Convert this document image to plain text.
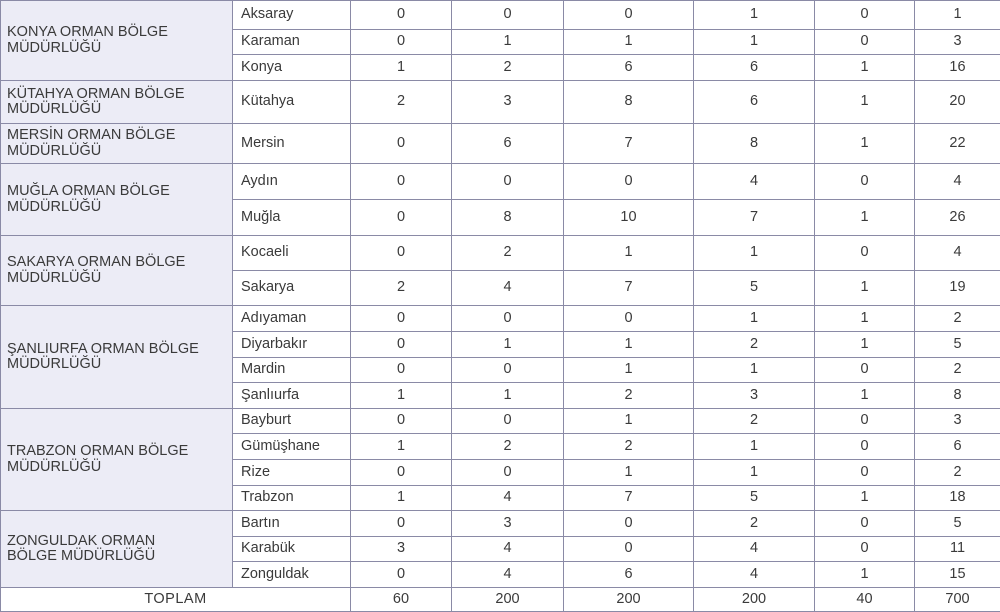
KONYA ORMAN BÖLGE MÜDÜRLÜĞÜ	Aksaray	0	0	0	1	0	1
	Karaman	0	1	1	1	0	3
	Konya	1	2	6	6	1	16

KÜTAHYA ORMAN BÖLGE MÜDÜRLÜĞÜ	Kütahya	2	3	8	6	1	20

MERSİN ORMAN BÖLGE MÜDÜRLÜĞÜ	Mersin	0	6	7	8	1	22

MUĞLA ORMAN BÖLGE MÜDÜRLÜĞÜ	Aydın	0	0	0	4	0	4
	Muğla	0	8	10	7	1	26

SAKARYA ORMAN BÖLGE MÜDÜRLÜĞÜ	Kocaeli	0	2	1	1	0	4
	Sakarya	2	4	7	5	1	19

ŞANLIURFA ORMAN BÖLGE MÜDÜRLÜĞÜ	Adıyaman	0	0	0	1	1	2
	Diyarbakır	0	1	1	2	1	5
	Mardin	0	0	1	1	0	2
	Şanlıurfa	1	1	2	3	1	8

TRABZON ORMAN BÖLGE MÜDÜRLÜĞÜ	Bayburt	0	0	1	2	0	3
	Gümüşhane	1	2	2	1	0	6
	Rize	0	0	1	1	0	2
	Trabzon	1	4	7	5	1	18

ZONGULDAK ORMAN BÖLGE MÜDÜRLÜĞÜ	Bartın	0	3	0	2	0	5
	Karabük	3	4	0	4	0	11
	Zonguldak	0	4	6	4	1	15
TOPLAM		60	200	200	200	40	700
